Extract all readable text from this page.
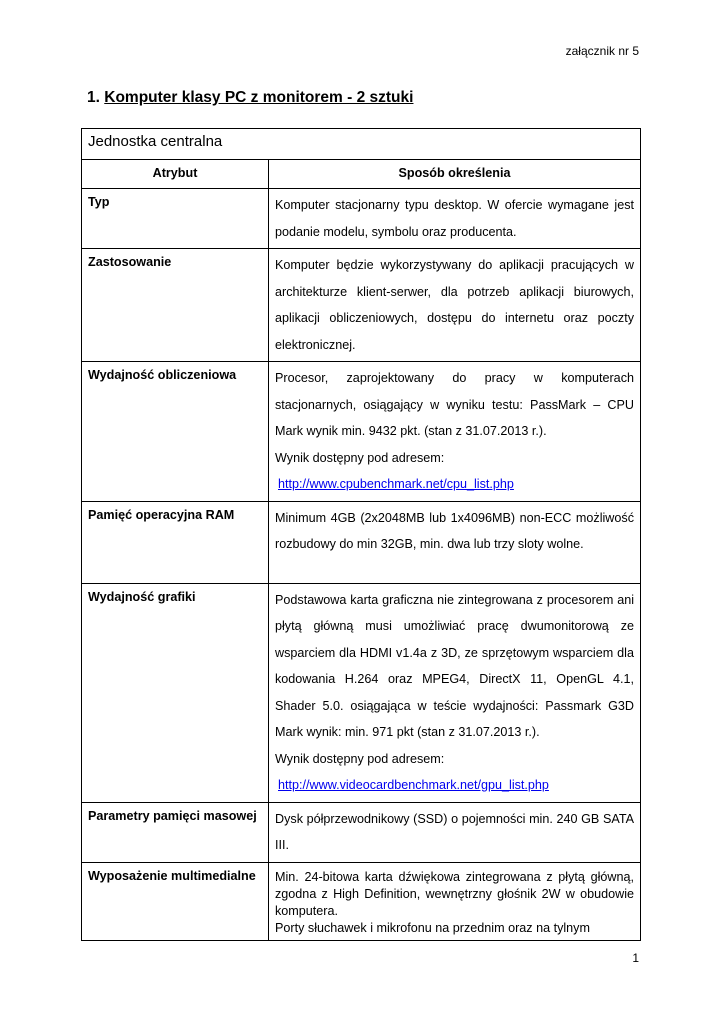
załącznik nr 5
1. Komputer klasy PC z monitorem - 2 sztuki
Jednostka centralna	
Atrybut	Sposób określenia
Typ	Komputer stacjonarny typu desktop. W ofercie wymagane jest podanie modelu, symbolu oraz producenta.

Zastosowanie	Komputer będzie wykorzystywany do aplikacji pracujących w architekturze klient-serwer, dla potrzeb aplikacji biurowych, aplikacji obliczeniowych, dostępu do internetu oraz poczty elektronicznej.

Wydajność obliczeniowa	Procesor, zaprojektowany do pracy w komputerach stacjonarnych, osiągający w wyniku testu: PassMark – CPU Mark wynik min. 9432 pkt. (stan z 31.07.2013 r.).

Wynik dostępny pod adresem:

http://www.cpubenchmark.net/cpu_list.php

Pamięć operacyjna RAM	Minimum 4GB (2x2048MB lub 1x4096MB) non-ECC możliwość rozbudowy do min 32GB, min. dwa lub trzy sloty wolne.

Wydajność grafiki	Podstawowa karta graficzna nie zintegrowana z procesorem ani płytą główną musi umożliwiać pracę dwumonitorową ze wsparciem dla HDMI v1.4a z 3D, ze sprzętowym wsparciem dla kodowania H.264 oraz MPEG4, DirectX 11, OpenGL 4.1, Shader 5.0. osiągająca w teście wydajności: Passmark G3D Mark wynik: min. 971 pkt (stan z 31.07.2013 r.).

Wynik dostępny pod adresem:

http://www.videocardbenchmark.net/gpu_list.php

Parametry pamięci masowej	Dysk półprzewodnikowy (SSD) o pojemności min. 240 GB SATA III.

Wyposażenie multimedialne	Min. 24-bitowa karta dźwiękowa zintegrowana z płytą główną, zgodna z High Definition, wewnętrzny głośnik 2W w obudowie komputera.

Porty słuchawek i mikrofonu na przednim oraz na tylnym

1
